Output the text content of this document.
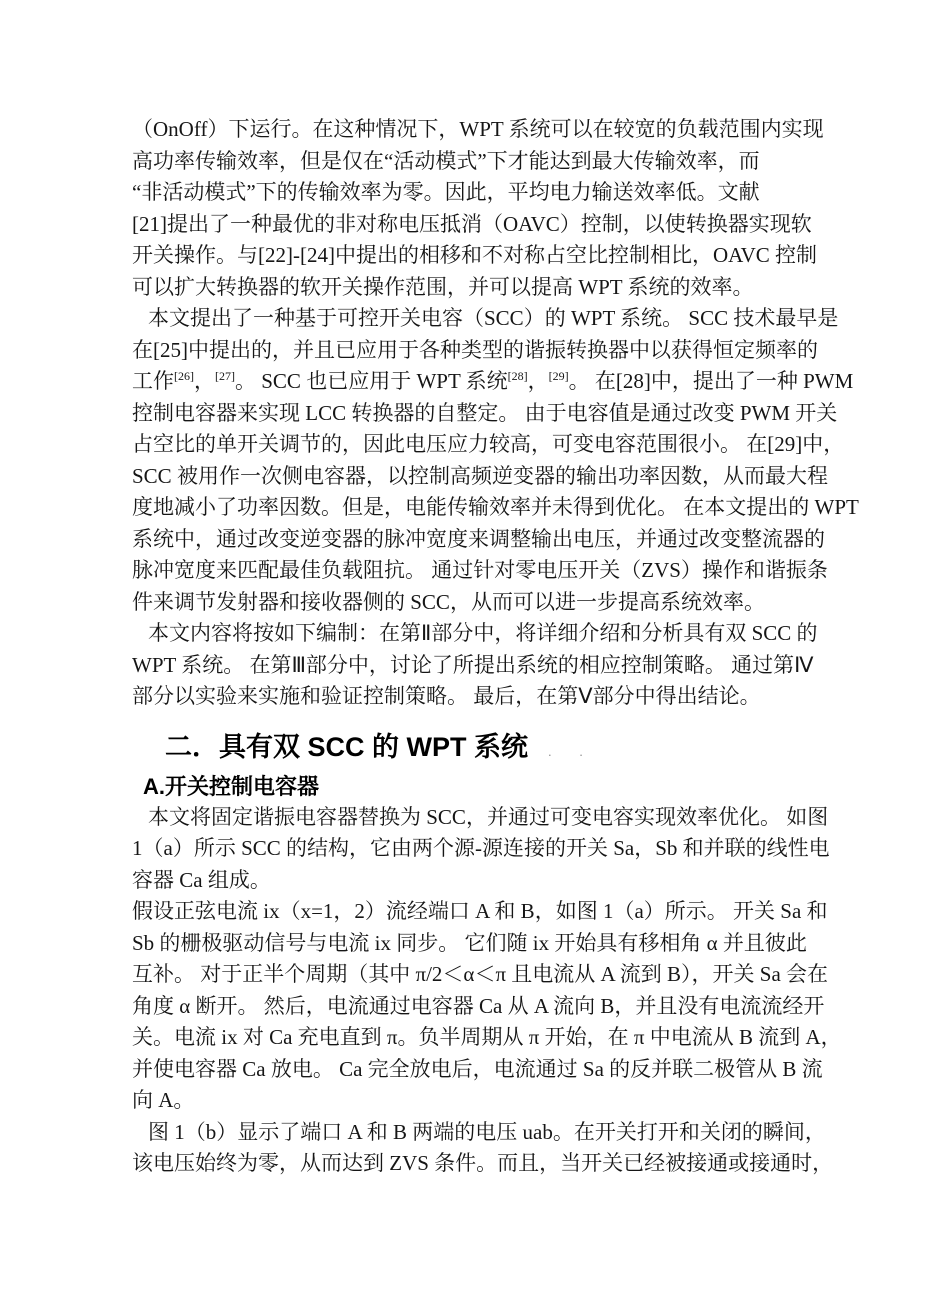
（OnOff）下运行。在这种情况下，WPT 系统可以在较宽的负载范围内实现
高功率传输效率，但是仅在“活动模式”下才能达到最大传输效率，而
“非活动模式”下的传输效率为零。因此，平均电力输送效率低。文献
[21]提出了一种最优的非对称电压抵消（OAVC）控制，以使转换器实现软
开关操作。与[22]-[24]中提出的相移和不对称占空比控制相比，OAVC 控制
可以扩大转换器的软开关操作范围，并可以提高 WPT 系统的效率。
本文提出了一种基于可控开关电容（SCC）的 WPT 系统。 SCC 技术最早是
在[25]中提出的，并且已应用于各种类型的谐振转换器中以获得恒定频率的
工作[26]，[27]。 SCC 也已应用于 WPT 系统[28]，[29]。 在[28]中，提出了一种 PWM
控制电容器来实现 LCC 转换器的自整定。 由于电容值是通过改变 PWM 开关
占空比的单开关调节的，因此电压应力较高，可变电容范围很小。 在[29]中，
SCC 被用作一次侧电容器，以控制高频逆变器的输出功率因数，从而最大程
度地减小了功率因数。但是，电能传输效率并未得到优化。 在本文提出的 WPT
系统中，通过改变逆变器的脉冲宽度来调整输出电压，并通过改变整流器的
脉冲宽度来匹配最佳负载阻抗。 通过针对零电压开关（ZVS）操作和谐振条
件来调节发射器和接收器侧的 SCC，从而可以进一步提高系统效率。
本文内容将按如下编制：在第Ⅱ部分中，将详细介绍和分析具有双 SCC 的
WPT 系统。 在第Ⅲ部分中，讨论了所提出系统的相应控制策略。 通过第Ⅳ
部分以实验来实施和验证控制策略。 最后，在第Ⅴ部分中得出结论。
二．具有双 SCC 的 WPT 系统 . .
A.开关控制电容器
本文将固定谐振电容器替换为 SCC，并通过可变电容实现效率优化。 如图
1（a）所示 SCC 的结构，它由两个源-源连接的开关 Sa，Sb 和并联的线性电
容器 Ca 组成。
假设正弦电流 ix（x=1，2）流经端口 A 和 B，如图 1（a）所示。 开关 Sa 和
Sb 的栅极驱动信号与电流 ix 同步。 它们随 ix 开始具有移相角 α 并且彼此
互补。 对于正半个周期（其中 π/2＜α＜π 且电流从 A 流到 B），开关 Sa 会在
角度 α 断开。 然后，电流通过电容器 Ca 从 A 流向 B，并且没有电流流经开
关。电流 ix 对 Ca 充电直到 π。负半周期从 π 开始，在 π 中电流从 B 流到 A，
并使电容器 Ca 放电。 Ca 完全放电后，电流通过 Sa 的反并联二极管从 B 流
向 A。
图 1（b）显示了端口 A 和 B 两端的电压 uab。在开关打开和关闭的瞬间，
该电压始终为零，从而达到 ZVS 条件。而且，当开关已经被接通或接通时，
